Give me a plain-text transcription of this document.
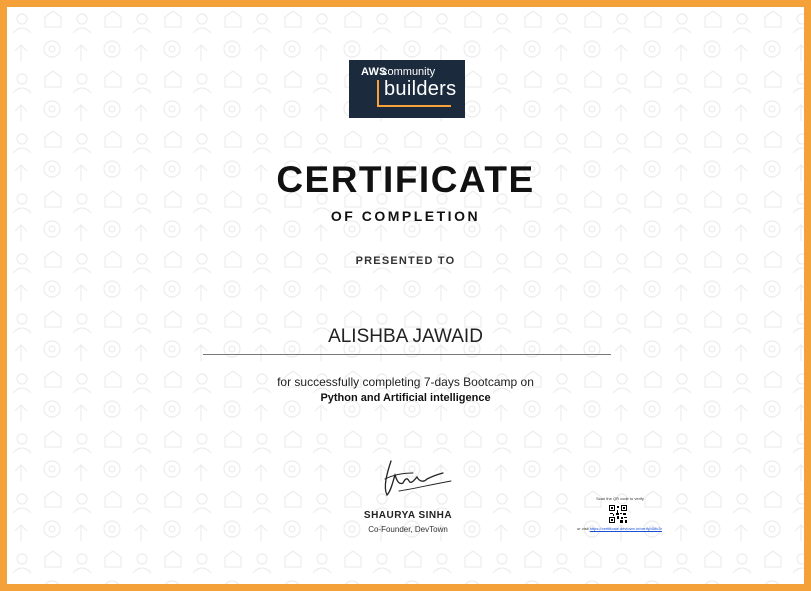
AWS
community
builders
CERTIFICATE
OF COMPLETION
PRESENTED TO
ALISHBA JAWAID
for successfully completing 7-days Bootcamp on
Python and Artificial intelligence
SHAURYA SINHA
Co-Founder, DevTown
Scan the QR code to verify
or visit https://certificate.devtown.in/verify/4Mc3r
